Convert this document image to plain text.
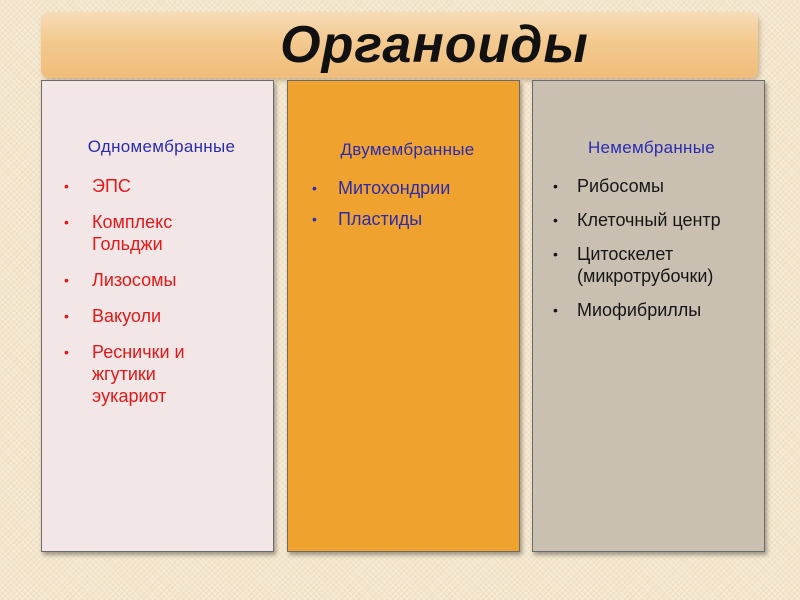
Органоиды
Одномембранные
• ЭПС
• Комплекс Гольджи
• Лизосомы
• Вакуоли
• Реснички и жгутики эукариот
Двумембранные
• Митохондрии
• Пластиды
Немембранные
• Рибосомы
• Клеточный центр
• Цитоскелет (микротрубочки)
• Миофибриллы
